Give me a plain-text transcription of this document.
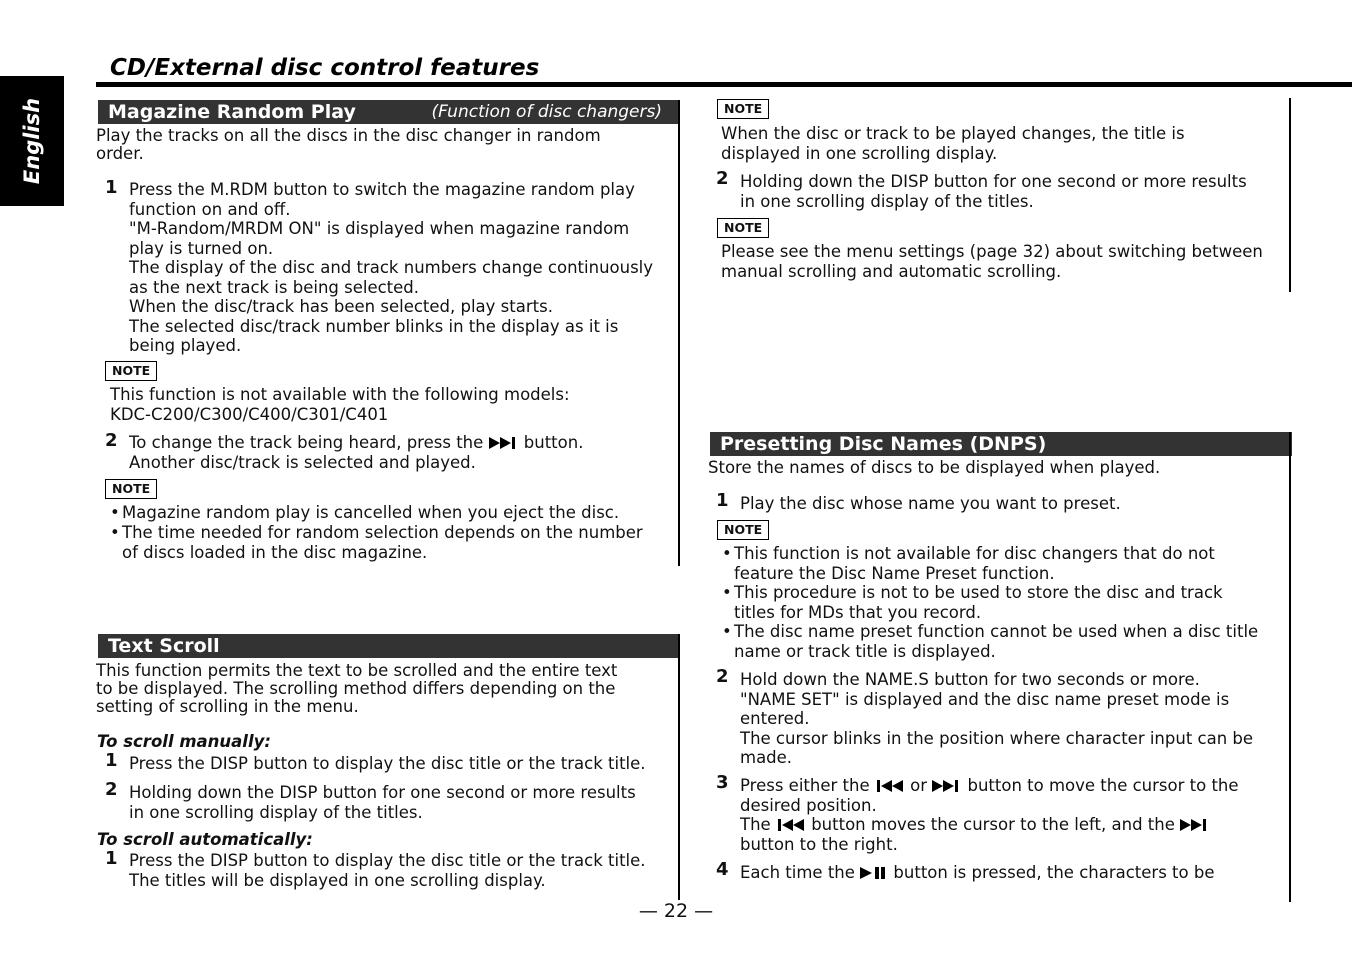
English
CD/External disc control features
Magazine Random Play	(Function of disc changers)
Play the tracks on all the discs in the disc changer in random
order.
1 Press the M.RDM button to switch the magazine random play
function on and off.
"M-Random/MRDM ON" is displayed when magazine random
play is turned on.
The display of the disc and track numbers change continuously
as the next track is being selected.
When the disc/track has been selected, play starts.
The selected disc/track number blinks in the display as it is
being played.
NOTE
This function is not available with the following models:
KDC-C200/C300/C400/C301/C401
2 To change the track being heard, press the button.
Another disc/track is selected and played.
NOTE
• Magazine random play is cancelled when you eject the disc.
• The time needed for random selection depends on the number
of discs loaded in the disc magazine.
Text Scroll
This function permits the text to be scrolled and the entire text
to be displayed. The scrolling method differs depending on the
setting of scrolling in the menu.
To scroll manually:
1 Press the DISP button to display the disc title or the track title.
2 Holding down the DISP button for one second or more results
in one scrolling display of the titles.
To scroll automatically:
1 Press the DISP button to display the disc title or the track title.
The titles will be displayed in one scrolling display.
NOTE
When the disc or track to be played changes, the title is
displayed in one scrolling display.
2 Holding down the DISP button for one second or more results
in one scrolling display of the titles.
NOTE
Please see the menu settings (page 32) about switching between
manual scrolling and automatic scrolling.
Presetting Disc Names (DNPS)
Store the names of discs to be displayed when played.
1 Play the disc whose name you want to preset.
NOTE
• This function is not available for disc changers that do not
feature the Disc Name Preset function.
• This procedure is not to be used to store the disc and track
titles for MDs that you record.
• The disc name preset function cannot be used when a disc title
name or track title is displayed.
2 Hold down the NAME.S button for two seconds or more.
"NAME SET" is displayed and the disc name preset mode is
entered.
The cursor blinks in the position where character input can be
made.
3 Press either the or button to move the cursor to the
desired position.
The button moves the cursor to the left, and the
button to the right.
4 Each time the button is pressed, the characters to be
— 22 —
